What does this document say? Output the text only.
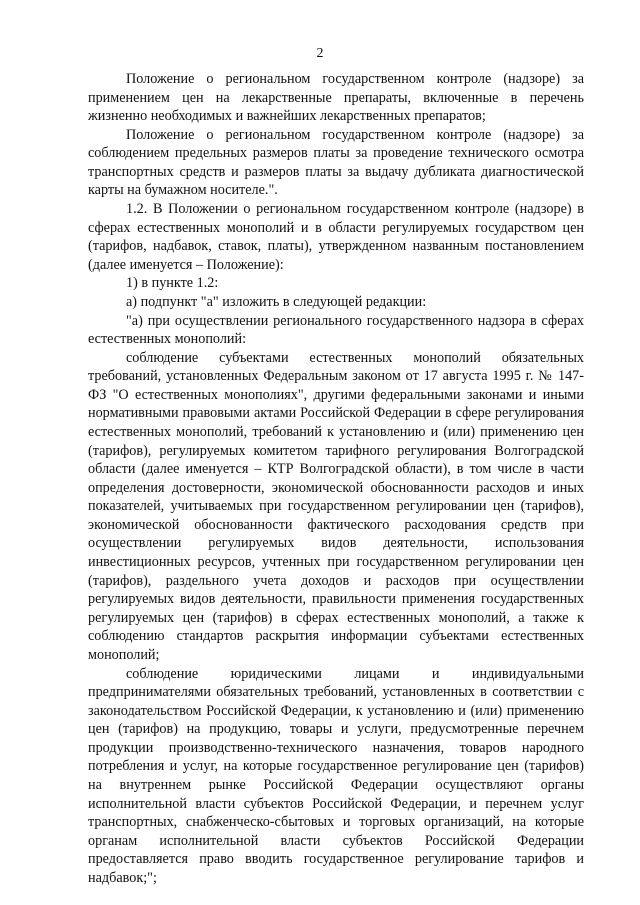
2

Положение о региональном государственном контроле (надзоре) за применением цен на лекарственные препараты, включенные в перечень жизненно необходимых и важнейших лекарственных препаратов;

Положение о региональном государственном контроле (надзоре) за соблюдением предельных размеров платы за проведение технического осмотра транспортных средств и размеров платы за выдачу дубликата диагностической карты на бумажном носителе.".

1.2. В Положении о региональном государственном контроле (надзоре) в сферах естественных монополий и в области регулируемых государством цен (тарифов, надбавок, ставок, платы), утвержденном названным постановлением (далее именуется – Положение):

1) в пункте 1.2:

а) подпункт "а" изложить в следующей редакции:

"а) при осуществлении регионального государственного надзора в сферах естественных монополий:

соблюдение субъектами естественных монополий обязательных требований, установленных Федеральным законом от 17 августа 1995 г. № 147-ФЗ "О естественных монополиях", другими федеральными законами и иными нормативными правовыми актами Российской Федерации в сфере регулирования естественных монополий, требований к установлению и (или) применению цен (тарифов), регулируемых комитетом тарифного регулирования Волгоградской области (далее именуется – КТР Волгоградской области), в том числе в части определения достоверности, экономической обоснованности расходов и иных показателей, учитываемых при государственном регулировании цен (тарифов), экономической обоснованности фактического расходования средств при осуществлении регулируемых видов деятельности, использования инвестиционных ресурсов, учтенных при государственном регулировании цен (тарифов), раздельного учета доходов и расходов при осуществлении регулируемых видов деятельности, правильности применения государственных регулируемых цен (тарифов) в сферах естественных монополий, а также к соблюдению стандартов раскрытия информации субъектами естественных монополий;

соблюдение юридическими лицами и индивидуальными предпринимателями обязательных требований, установленных в соответствии с законодательством Российской Федерации, к установлению и (или) применению цен (тарифов) на продукцию, товары и услуги, предусмотренные перечнем продукции производственно-технического назначения, товаров народного потребления и услуг, на которые государственное регулирование цен (тарифов) на внутреннем рынке Российской Федерации осуществляют органы исполнительной власти субъектов Российской Федерации, и перечнем услуг транспортных, снабженческо-сбытовых и торговых организаций, на которые органам исполнительной власти субъектов Российской Федерации предоставляется право вводить государственное регулирование тарифов и надбавок;";
